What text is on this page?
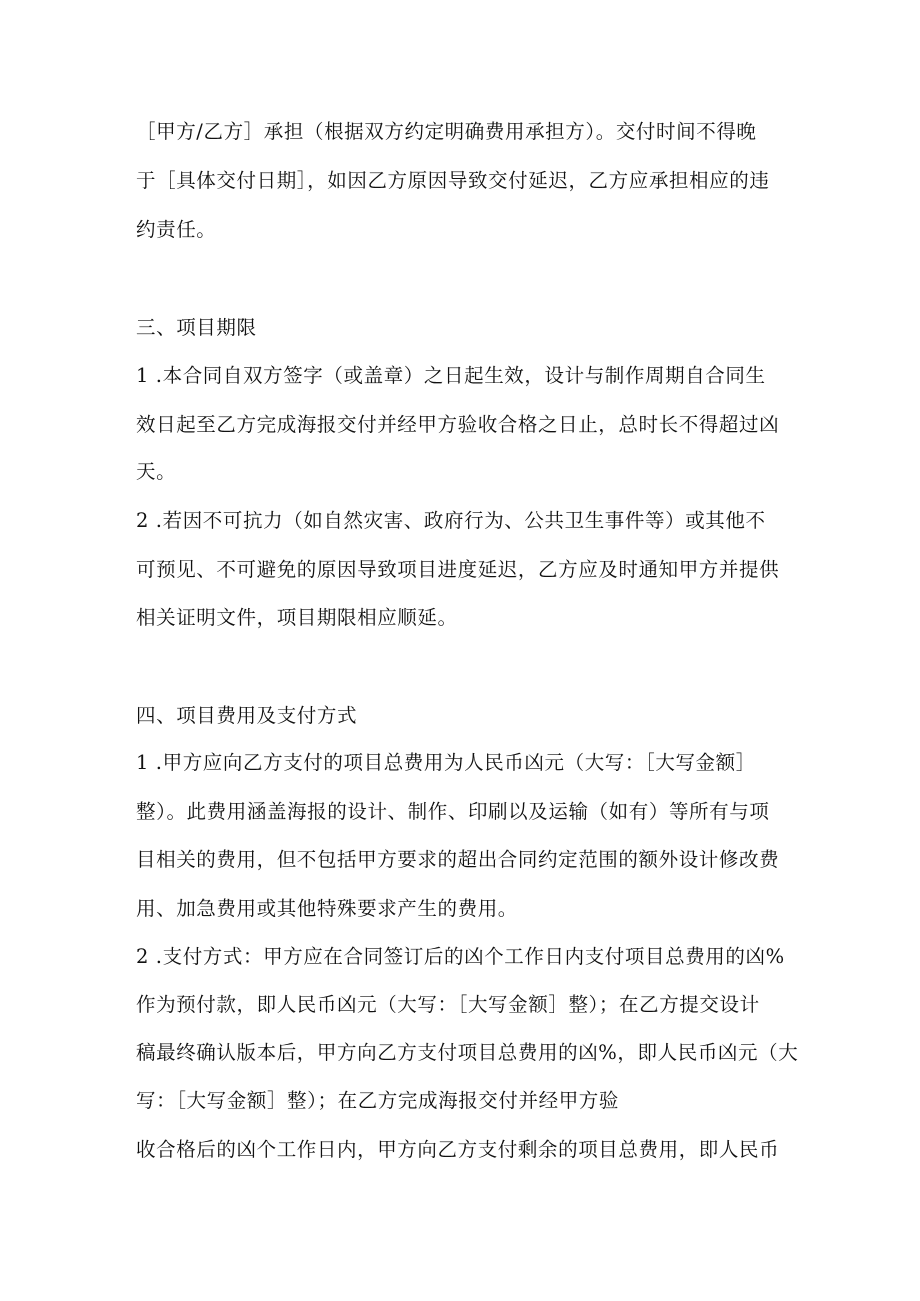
［甲方/乙方］承担（根据双方约定明确费用承担方）。交付时间不得晚
于［具体交付日期］，如因乙方原因导致交付延迟，乙方应承担相应的违
约责任。
三、项目期限
1 .本合同自双方签字（或盖章）之日起生效，设计与制作周期自合同生
效日起至乙方完成海报交付并经甲方验收合格之日止，总时长不得超过凶
天。
2 .若因不可抗力（如自然灾害、政府行为、公共卫生事件等）或其他不
可预见、不可避免的原因导致项目进度延迟，乙方应及时通知甲方并提供
相关证明文件，项目期限相应顺延。
四、项目费用及支付方式
1 .甲方应向乙方支付的项目总费用为人民币凶元（大写：［大写金额］
整）。此费用涵盖海报的设计、制作、印刷以及运输（如有）等所有与项
目相关的费用，但不包括甲方要求的超出合同约定范围的额外设计修改费
用、加急费用或其他特殊要求产生的费用。
2 .支付方式：甲方应在合同签订后的凶个工作日内支付项目总费用的凶%
作为预付款，即人民币凶元（大写：［大写金额］整）；在乙方提交设计
稿最终确认版本后，甲方向乙方支付项目总费用的凶%，即人民币凶元（大
写：［大写金额］整）；在乙方完成海报交付并经甲方验
收合格后的凶个工作日内，甲方向乙方支付剩余的项目总费用，即人民币
